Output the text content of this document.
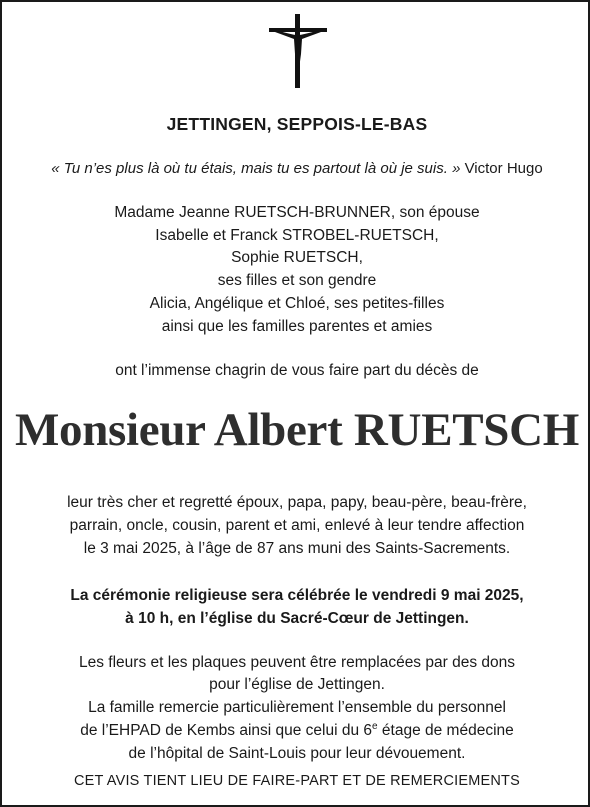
JETTINGEN, SEPPOIS-LE-BAS
« Tu n’es plus là où tu étais, mais tu es partout là où je suis. » Victor Hugo
Madame Jeanne RUETSCH-BRUNNER, son épouse
Isabelle et Franck STROBEL-RUETSCH,
Sophie RUETSCH,
ses filles et son gendre
Alicia, Angélique et Chloé, ses petites-filles
ainsi que les familles parentes et amies
ont l’immense chagrin de vous faire part du décès de
Monsieur Albert RUETSCH
leur très cher et regretté époux, papa, papy, beau-père, beau-frère,
parrain, oncle, cousin, parent et ami, enlevé à leur tendre affection
le 3 mai 2025, à l’âge de 87 ans muni des Saints-Sacrements.
La cérémonie religieuse sera célébrée le vendredi 9 mai 2025,
à 10 h, en l’église du Sacré-Cœur de Jettingen.
Les fleurs et les plaques peuvent être remplacées par des dons
pour l’église de Jettingen.
La famille remercie particulièrement l’ensemble du personnel
de l’EHPAD de Kembs ainsi que celui du 6e étage de médecine
de l’hôpital de Saint-Louis pour leur dévouement.
CET AVIS TIENT LIEU DE FAIRE-PART ET DE REMERCIEMENTS
